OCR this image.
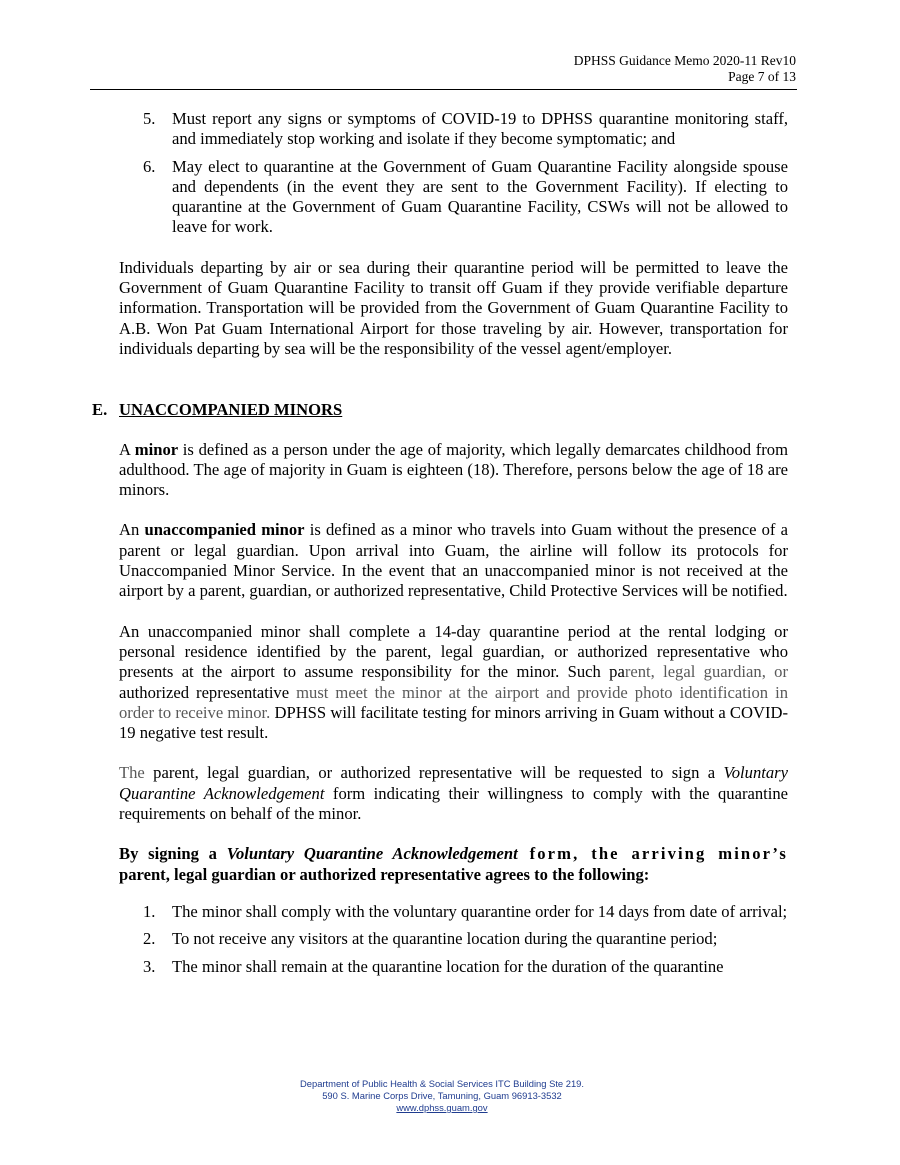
DPHSS Guidance Memo 2020-11 Rev10
Page 7 of 13
5. Must report any signs or symptoms of COVID-19 to DPHSS quarantine monitoring staff, and immediately stop working and isolate if they become symptomatic; and
6. May elect to quarantine at the Government of Guam Quarantine Facility alongside spouse and dependents (in the event they are sent to the Government Facility). If electing to quarantine at the Government of Guam Quarantine Facility, CSWs will not be allowed to leave for work.

Individuals departing by air or sea during their quarantine period will be permitted to leave the Government of Guam Quarantine Facility to transit off Guam if they provide verifiable departure information. Transportation will be provided from the Government of Guam Quarantine Facility to A.B. Won Pat Guam International Airport for those traveling by air. However, transportation for individuals departing by sea will be the responsibility of the vessel agent/employer.

E. UNACCOMPANIED MINORS

A minor is defined as a person under the age of majority, which legally demarcates childhood from adulthood. The age of majority in Guam is eighteen (18). Therefore, persons below the age of 18 are minors.

An unaccompanied minor is defined as a minor who travels into Guam without the presence of a parent or legal guardian. Upon arrival into Guam, the airline will follow its protocols for Unaccompanied Minor Service. In the event that an unaccompanied minor is not received at the airport by a parent, guardian, or authorized representative, Child Protective Services will be notified.

An unaccompanied minor shall complete a 14-day quarantine period at the rental lodging or personal residence identified by the parent, legal guardian, or authorized representative who presents at the airport to assume responsibility for the minor. Such parent, legal guardian, or authorized representative must meet the minor at the airport and provide photo identification in order to receive minor. DPHSS will facilitate testing for minors arriving in Guam without a COVID-19 negative test result.

The parent, legal guardian, or authorized representative will be requested to sign a Voluntary Quarantine Acknowledgement form indicating their willingness to comply with the quarantine requirements on behalf of the minor.

By signing a Voluntary Quarantine Acknowledgement form, the arriving minor’s parent, legal guardian or authorized representative agrees to the following:

1. The minor shall comply with the voluntary quarantine order for 14 days from date of arrival;
2. To not receive any visitors at the quarantine location during the quarantine period;
3. The minor shall remain at the quarantine location for the duration of the quarantine
Department of Public Health & Social Services ITC Building Ste 219.
590 S. Marine Corps Drive, Tamuning, Guam 96913-3532
www.dphss.guam.gov
